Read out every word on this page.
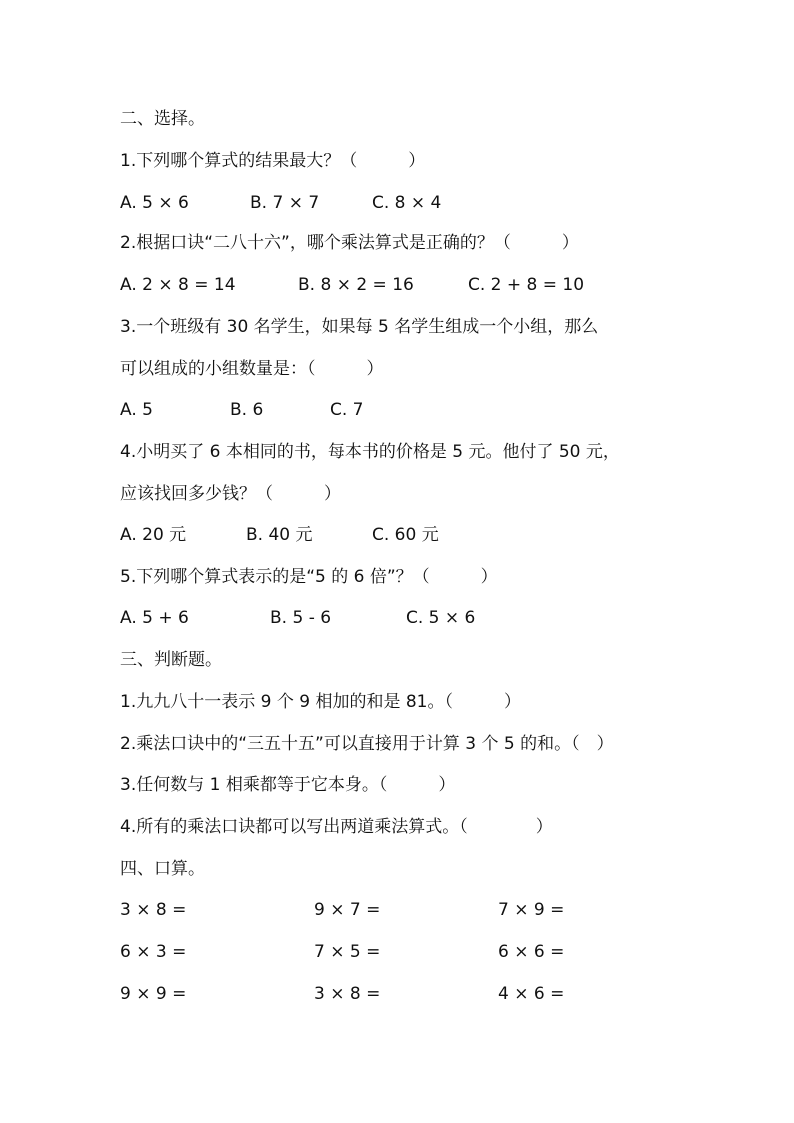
二、选择。
1.下列哪个算式的结果最大？（　　　）
A. 5 × 6	B. 7 × 7	C. 8 × 4
2.根据口诀“二八十六”，哪个乘法算式是正确的？（　　　）
A. 2 × 8 = 14	B. 8 × 2 = 16	C. 2 + 8 = 10
3.一个班级有 30 名学生，如果每 5 名学生组成一个小组，那么
可以组成的小组数量是：（　　　）
A. 5	B. 6	C. 7
4.小明买了 6 本相同的书，每本书的价格是 5 元。他付了 50 元，
应该找回多少钱？（　　　）
A. 20 元	B. 40 元	C. 60 元
5.下列哪个算式表示的是“5 的 6 倍”？（　　　）
A. 5 + 6	B. 5 - 6	C. 5 × 6
三、判断题。
1.九九八十一表示 9 个 9 相加的和是 81。（　　　）
2.乘法口诀中的“三五十五”可以直接用于计算 3 个 5 的和。（　）
3.任何数与 1 相乘都等于它本身。（　　　）
4.所有的乘法口诀都可以写出两道乘法算式。（　　　　）
四、口算。
3 × 8 =	9 × 7 =	7 × 9 =
6 × 3 =	7 × 5 =	6 × 6 =
9 × 9 =	3 × 8 =	4 × 6 =
